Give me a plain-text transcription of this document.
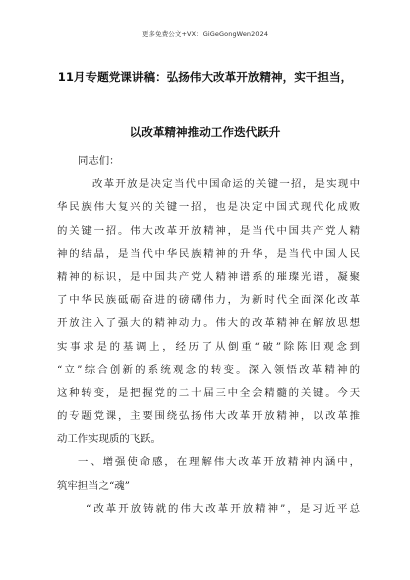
更多免费公文+VX：GiGeGongWen2024
11月专题党课讲稿：弘扬伟大改革开放精神，实干担当，
以改革精神推动工作迭代跃升
同志们：
改革开放是决定当代中国命运的关键一招，是实现中
华民族伟大复兴的关键一招，也是决定中国式现代化成败
的关键一招。伟大改革开放精神，是当代中国共产党人精
神的结晶，是当代中华民族精神的升华，是当代中国人民
精神的标识，是中国共产党人精神谱系的璀璨光谱，凝聚
了中华民族砥砺奋进的磅礴伟力，为新时代全面深化改革
开放注入了强大的精神动力。伟大的改革精神在解放思想
实事求是的基调上，经历了从倒重“破”除陈旧观念到
“立”综合创新的系统观念的转变。深入领悟改革精神的
这种转变，是把握党的二十届三中全会精髓的关键。今天
的专题党课，主要围绕弘扬伟大改革开放精神，以改革推
动工作实现质的飞跃。
一、增强使命感，在理解伟大改革开放精神内涵中，
筑牢担当之“魂”
“改革开放铸就的伟大改革开放精神”，是习近平总
